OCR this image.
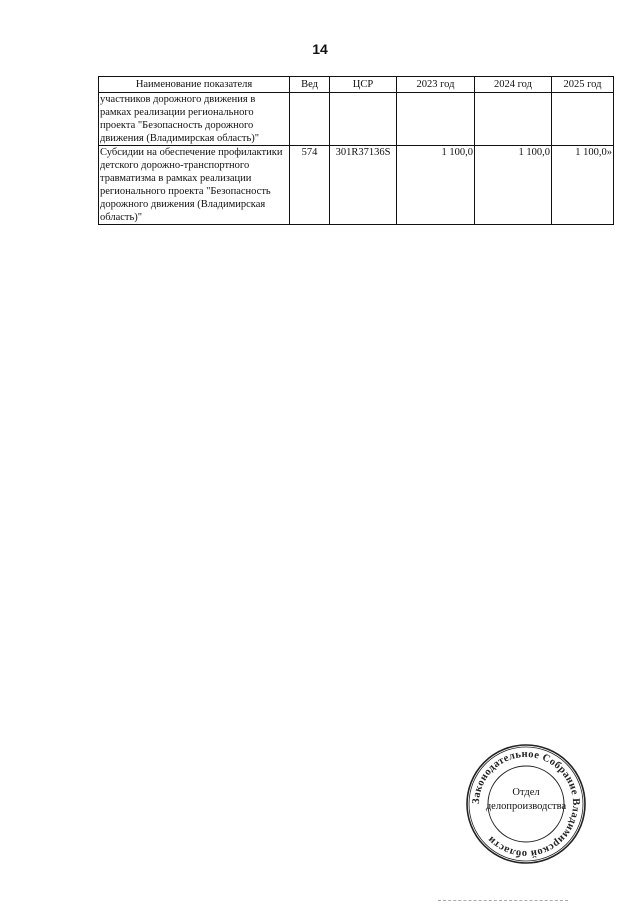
14
Наименование показателя	Вед	ЦСР	2023 год	2024 год	2025 год
участников дорожного движения в рамках реализации регионального проекта "Безопасность дорожного движения (Владимирская область)"					
Субсидии на обеспечение профилактики детского дорожно-транспортного травматизма в рамках реализации регионального проекта "Безопасность дорожного движения (Владимирская область)"	574	301R37136S	1 100,0	1 100,0	1 100,0»
Законодательное Собрание Владимирской области
Отдел
делопроизводства
